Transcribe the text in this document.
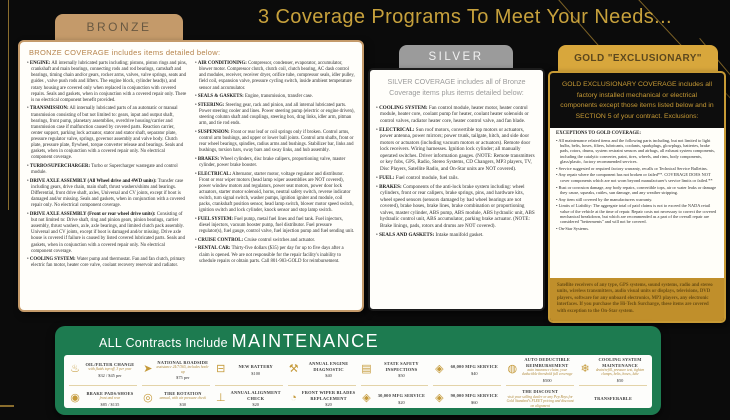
3 Coverage Programs To Meet Your Needs...
BRONZE
BRONZE COVERAGE includes items detailed below:

• ENGINE: All internally lubricated parts including; pistons, piston rings and pins, crankshaft and main bearings, connecting rods and rod bearings, camshaft and bearings, timing chain and/or gears, rocker arms, valves, valve springs, seats and guides , valve push rods and lifters. The engine block, cylinder head(s), and rotary housing are covered only when replaced in conjunction with covered repairs. Seals and gaskets, when in conjunction with a covered repair only. There is no electrical component benefit provided.

• TRANSMISSION: All internally lubricated parts of an automatic or manual transmission consisting of but not limited to: gears, input and output shaft, bearings, front pump, planetary assemblies, overdrive housing/carrier and transmission case if malfunction caused by covered parts. Reaction carrier, center support, parking lock actuator, stator and stator shaft, separator plate, pressure regulator valve, springs, governor assembly and valve body. Clutch plate, pressure plate, flywheel, torque converter release and bearings. Seals and gaskets, when in conjunction with a covered repair only. No electrical component coverage.

• TURBO/SUPERCHARGER: Turbo or Supercharger wastegate and control module.

• DRIVE AXLE ASSEMBLY (All Wheel drive and 4WD units): Transfer case including gears, drive chain, main shaft, thrust washers/shims and bearings. Differential, front drive shaft, axles, Universal and CV joints, except if boot is damaged and/or missing. Seals and gaskets, when in conjunction with a covered repair only. No electrical component coverage.

• DRIVE AXLE ASSEMBLY (Front or rear wheel drive units): Consisting of but not limited to: Drive shaft, ring and pinion gears, pinion bearings, carrier assembly, thrust washers, axle, axle bearings, and limited clutch pack assembly. Universal and CV joints, except if boot is damaged and/or missing. Drive axle house is covered if failure is caused by listed covered lubricated parts. Seals and gaskets, when in conjunction with a covered repair only. No electrical component coverage.

• COOLING SYSTEM: Water pump and thermostat. Fan and fan clutch, primary electric fan motor, heater core valve, coolant recovery reservoir and radiator.

• AIR CONDITIONING: Compressor, condenser, evaporator, accumulator, blower motor. Compressor clutch, clutch coil, clutch bearing, AC dash control and modules, receiver, receiver dryer, orifice tube, compressor seals, idler pulley, field coil, expansion valve, pressure cycling switch, inside ambient temperature sensor and accumulator.

• SEALS & GASKETS: Engine, transmission, transfer case.

• STEERING: Steering gear, rack and pinion, and all internal lubricated parts. Power steering cooler and lines. Power steering pump (electric or engine driven), steering column shaft and couplings, steering box, drag links, idler arm, pitman arm, and tie rod ends.

• SUSPENSION: Front or rear leaf or coil springs only if broken. Control arms, control arm bushings, and upper or lower ball joints. Control arm shafts, front or rear wheel bearings, spindles, radius arms and bushings. Stabilizer bar, links and bushings, torsion bars, sway bars and sway links, and hub assembly.

• BRAKES: Wheel cylinders, disc brake calipers, proportioning valve, master cylinder, power brake booster.

• ELECTRICAL: Alternator, starter motor, voltage regulator and distributor. Front or rear wiper motors (head lamp wiper assemblies are NOT covered), power window motors and regulators, power seat motors, power door lock actuators, starter motor solenoid, horns, neutral safety switch, reverse indicator switch, turn signal switch, washer pumps, ignition igniter and module, coil packs, crankshaft position sensor, head lamp switch, blower motor speed switch, ignition switch and lock cylinder, knock sensor and stop lamp switch.

• FUEL SYSTEM: Fuel pump, metal fuel lines and fuel tank. Fuel injectors, diesel injectors, vacuum booster pump, fuel distributor. Fuel pressure regulator(s), fuel gauge, control valve, fuel injection pump and fuel sending unit.

• CRUISE CONTROL: Cruise control switches and actuator.

• RENTAL CAR: Thirty-five dollars ($35) per day for up to five days after a claim is opened. We are not responsible for the repair facility's inability to schedule repairs or obtain parts. Call 801-903-GOLD for reimbursement.

SILVER
SILVER COVERAGE includes all of Bronze Coverage items plus items detailed below:

• COOLING SYSTEM: Fan control module, heater motor, heater control module, heater core, coolant pump for heater, coolant heater solenoids or control valves, radiator heater core, heater control valve, and fan blade.

• ELECTRICAL: Sun roof motors, convertible top motors or actuators, power antenna, power mirrors; power trunk, tailgate, hitch, and side door motors or actuators (including vacuum motors or actuators). Remote door lock receivers. Wiring harnesses. Ignition lock cylinder; all manually operated switches. Driver information gauges. (NOTE: Remote transmitters or key fobs, GPS, Radio, Stereo Systems, CD Changers, MP3 players, TV, Disc Players, Satellite Radio, and On-Star units are NOT covered).

• FUEL: Fuel control module, fuel rails.

• BRAKES: Components of the anti-lock brake system including: wheel cylinders, front or rear calipers, brake springs, pins, and hardware kits, wheel speed sensors (sensors damaged by bad wheel bearings are not covered), brake hoses, brake lines, brake combination or proportioning valves, master cylinder, ABS pump, ABS module, ABS hydraulic unit, ABS hydraulic control unit, ABS accumulator, parking brake actuator. (NOTE: Brake linings, pads, rotors and drums are NOT covered).

• SEALS AND GASKETS: Intake manifold gasket.

GOLD "EXCLUSIONARY"
GOLD EXCLUSIONARY COVERAGE includes all factory installed mechanical or electrical components except those items listed below and in SECTION 5 of your contract. Exclusions:

EXCEPTIONS TO GOLD COVERAGE:

• All maintenance related items and the following parts including, but not limited to light bulbs, belts, hoses, filters, lubricants, coolants, sparkplugs, glowplugs, batteries, brake pads, rotors, drums, system restraint sensors and airbags, all exhaust system components, including the catalytic converter, paint, tires, wheels, and rims, body components, glass/plastic, factory recommended services.

• Service suggested or required factory warranty, recalls or Technical Service Bulletins.

• Any repair where the component has not broken or failed**. COVERAGE DOES NOT cover components which are not worn beyond manufacturer's service limits or failed.**

• Rust or corrosion damage, any body repairs, convertible tops, air or water leaks or damage they cause, squeaks, rattles, sun damage, and any weather stripping.

• Any item still covered by the manufacturers warranty.

• Limits of Liability: The aggregate total of paid claims is not to exceed the NADA retail value of the vehicle at the time of repair. Repair costs not necessary to correct the covered mechanical breakdown, but which are recommended as a part of the overall repair are considered "betterments" and will not be covered.

• On-Star Systems.

Satellite receivers of any type, GPS systems, sound systems, radio and stereo units, wireless transmitters, audio visual units or displays, televisions, DVD players, software for any onboard electronics, MP3 players, any electronic interfaces. If you purchase the Hi-Tech Surcharge, these items are covered with exception to the On-Star system.
ALL Contracts Include MAINTENANCE
♨	OIL/FILTER CHANGE
with fluids top-off, 3 per year
$32 / $45 per	➤
NATIONAL ROADSIDE
assistance 24/7/365, includes hook-up
$75 per
⊟	NEW BATTERY
$100	⚒	ANNUAL ENGINE DIAGNOSTIC
$40
▤	STATE SAFETY INSPECTIONS
$50
◈	60,000 MFG SERVICE
$40	◍
AUTO DEDUCTIBLE REIMBURSEMENT
auto insurance claim, your deductible threshold full coverage
$500
❄
COOLING SYSTEM MAINTENANCE
drain/refill, pressure test, tighten clamps, belts, hoses, lube
$50
◉	BRAKE PADS/SHOES
front and rear
$85 / $135	◎	TIRE ROTATION
annual, with air pressure check
$30	⊥	ANNUAL ALIGNMENT CHECK
$20
◔	FRONT WIPER BLADES REPLACEMENT
$20
◈	30,000 MFG SERVICE
$20	◈	90,000 MFG SERVICE
$60
THE DISCOUNT
visit your selling dealer or any Pep Boys for Gold Standard's FLEET pricing and discount on alignment
TRANSFERABLE
